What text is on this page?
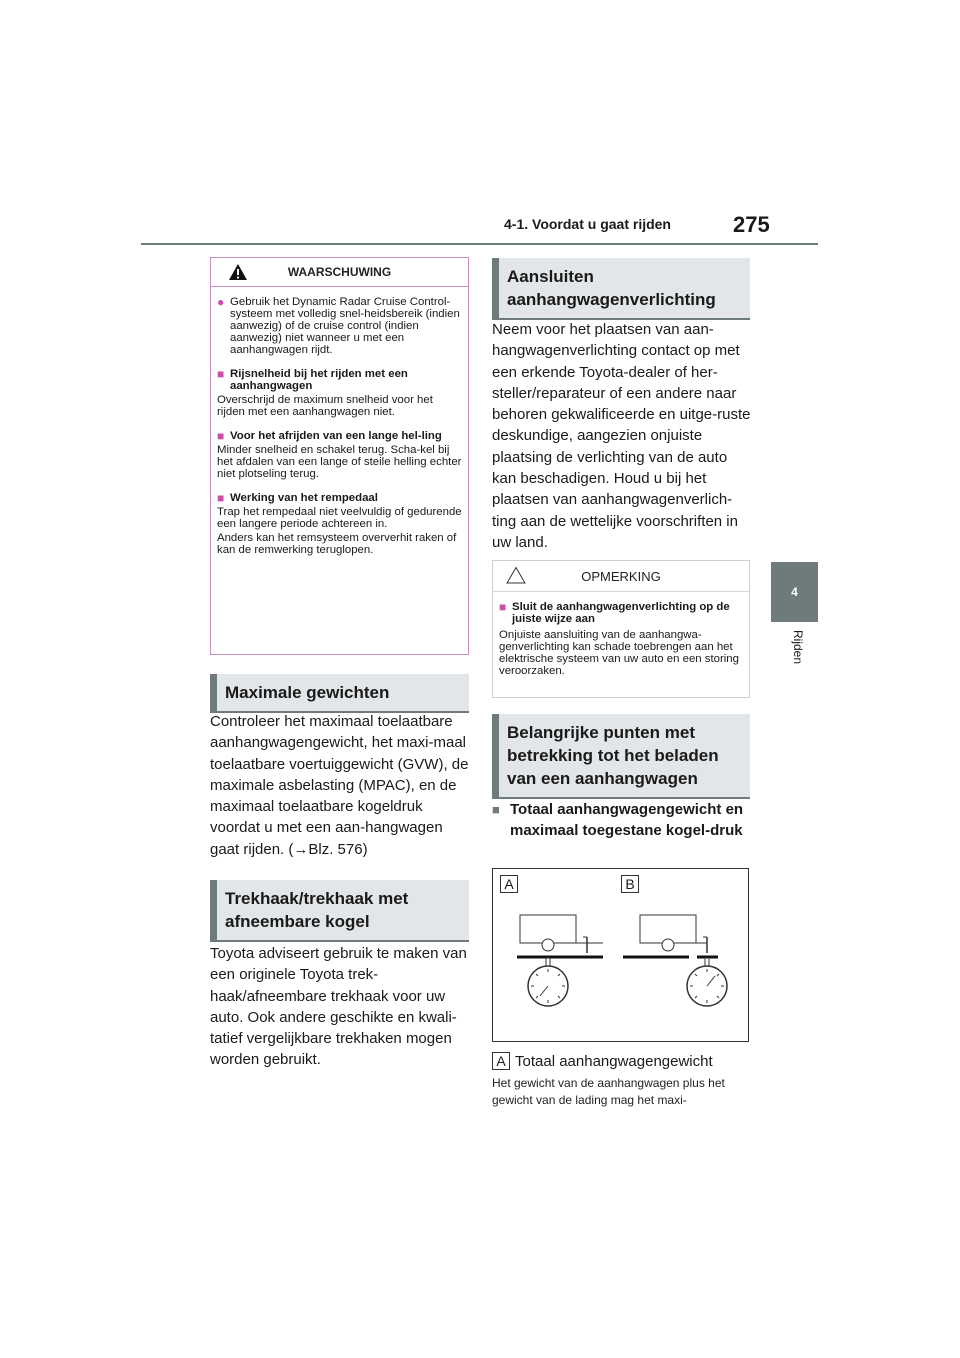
4-1. Voordat u gaat rijden	275
4
Rijden
WAARSCHUWING
● Gebruik het Dynamic Radar Cruise Control-systeem met volledig snel-heidsbereik (indien aanwezig) of de cruise control (indien aanwezig) niet wanneer u met een aanhangwagen rijdt.
■ Rijsnelheid bij het rijden met een aanhangwagen
Overschrijd de maximum snelheid voor het rijden met een aanhangwagen niet.
■ Voor het afrijden van een lange hel-ling
Minder snelheid en schakel terug. Scha-kel bij het afdalen van een lange of steile helling echter niet plotseling terug.
■ Werking van het rempedaal
Trap het rempedaal niet veelvuldig of gedurende een langere periode achtereen in.
Anders kan het remsysteem oververhit raken of kan de remwerking teruglopen.
Maximale gewichten
Controleer het maximaal toelaatbare aanhangwagengewicht, het maxi-maal toelaatbare voertuiggewicht (GVW), de maximale asbelasting (MPAC), en de maximaal toelaatbare kogeldruk voordat u met een aan-hangwagen gaat rijden. (→Blz. 576)
Trekhaak/trekhaak met afneembare kogel
Toyota adviseert gebruik te maken van een originele Toyota trek-haak/afneembare trekhaak voor uw auto. Ook andere geschikte en kwali-tatief vergelijkbare trekhaken mogen worden gebruikt.
Aansluiten aanhangwagenverlichting
Neem voor het plaatsen van aan-hangwagenverlichting contact op met een erkende Toyota-dealer of her-steller/reparateur of een andere naar behoren gekwalificeerde en uitge-ruste deskundige, aangezien onjuiste plaatsing de verlichting van de auto kan beschadigen. Houd u bij het plaatsen van aanhangwagenverlich-ting aan de wettelijke voorschriften in uw land.
OPMERKING
■ Sluit de aanhangwagenverlichting op de juiste wijze aan
Onjuiste aansluiting van de aanhangwa-genverlichting kan schade toebrengen aan het elektrische systeem van uw auto en een storing veroorzaken.
Belangrijke punten met betrekking tot het beladen van een aanhangwagen
■ Totaal aanhangwagengewicht en maximaal toegestane kogel-druk
A	B
A Totaal aanhangwagengewicht
Het gewicht van de aanhangwagen plus het gewicht van de lading mag het maxi-
